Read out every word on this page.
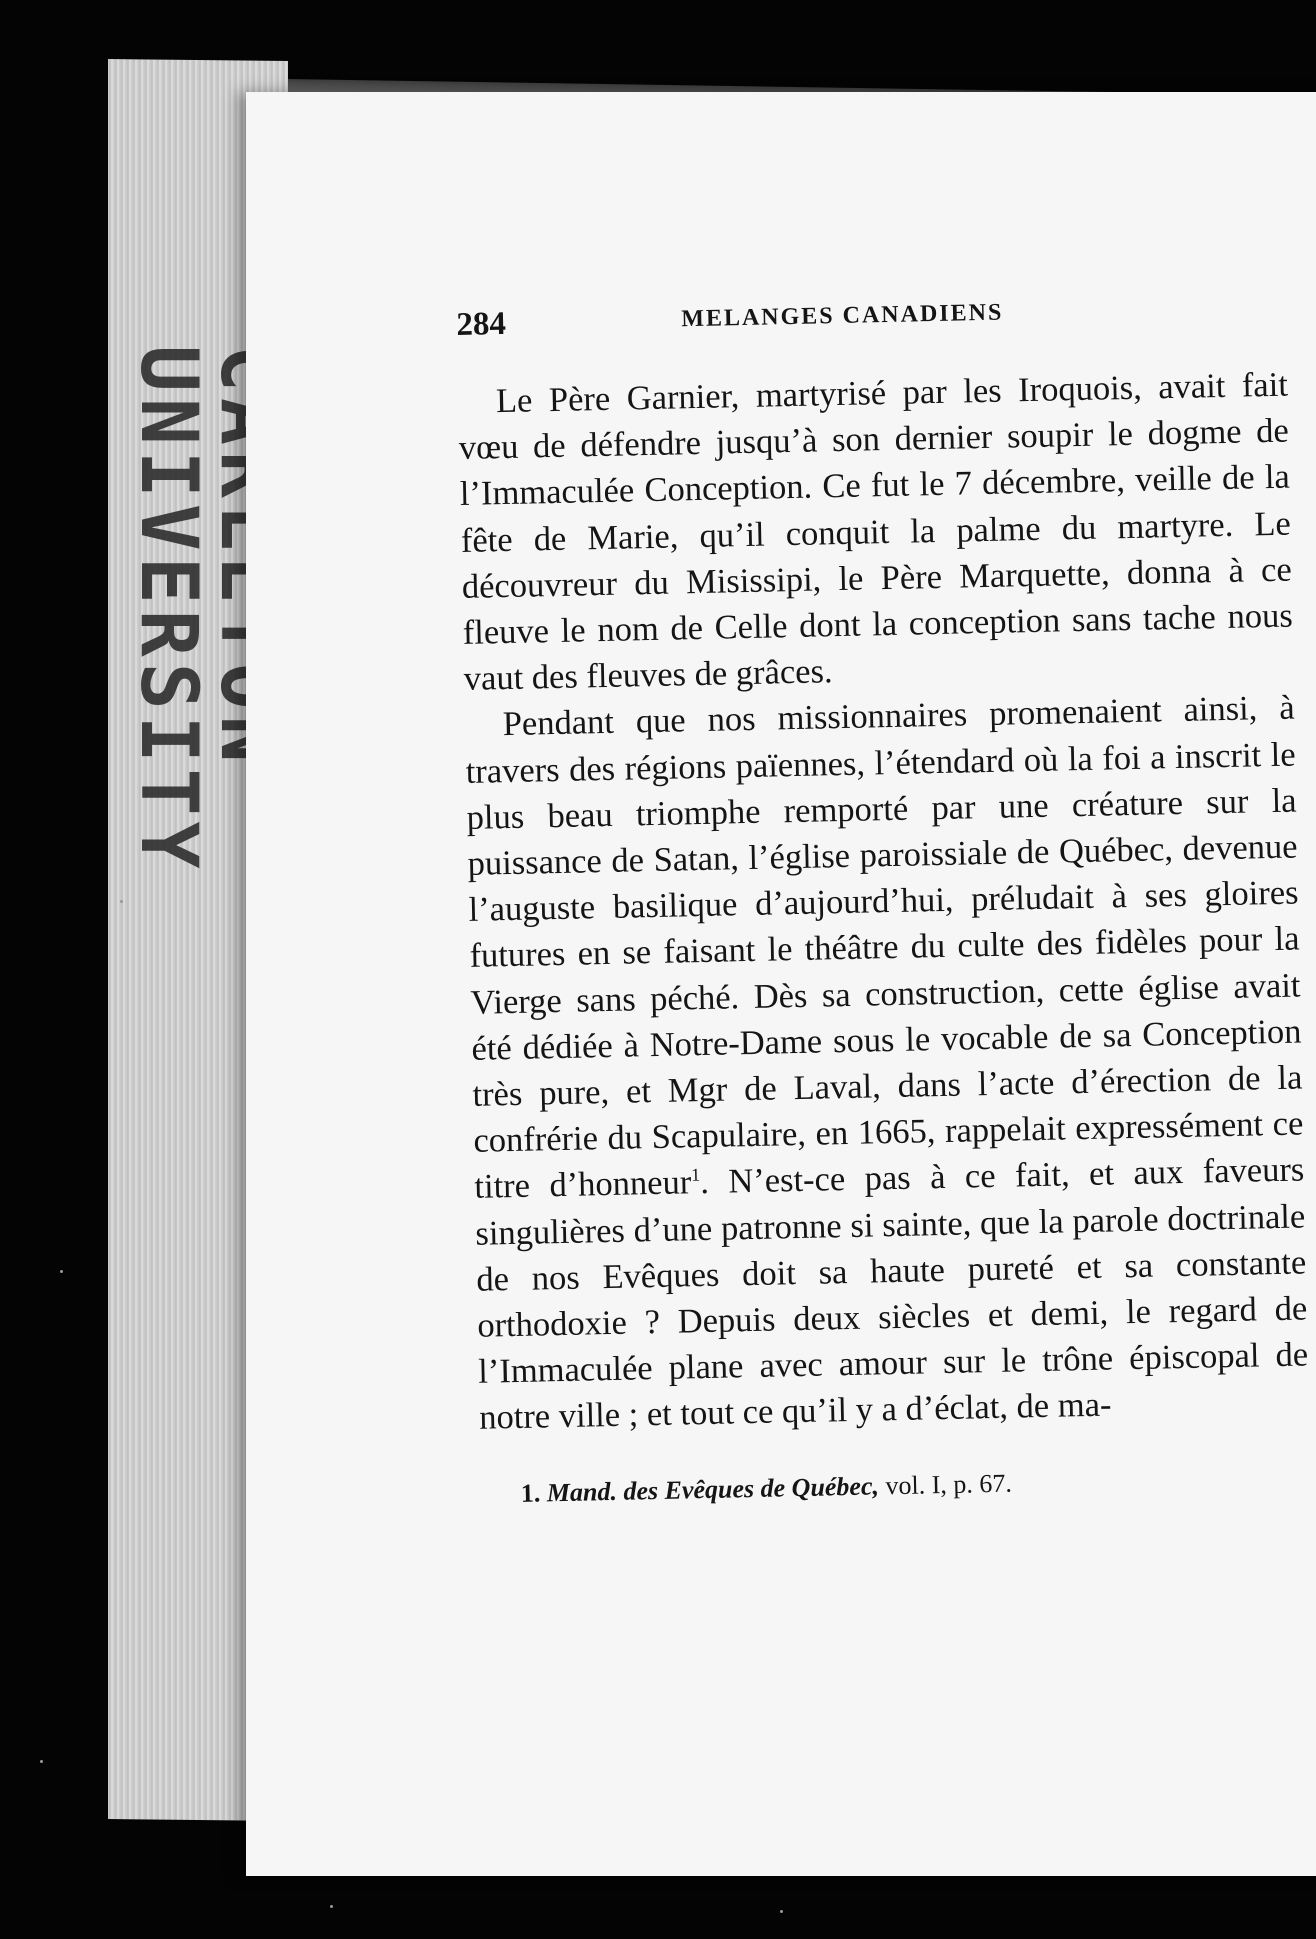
UNIVERSITY
284	MELANGES CANADIENS

Le Père Garnier, martyrisé par les Iroquois, avait fait vœu de défendre jusqu’à son dernier soupir le dogme de l’Immaculée Conception. Ce fut le 7 décembre, veille de la fête de Marie, qu’il conquit la palme du martyre. Le découvreur du Misissipi, le Père Marquette, donna à ce fleuve le nom de Celle dont la conception sans tache nous vaut des fleuves de grâces.

Pendant que nos missionnaires promenaient ainsi, à travers des régions païennes, l’étendard où la foi a inscrit le plus beau triomphe remporté par une créature sur la puissance de Satan, l’église paroissiale de Québec, devenue l’auguste basilique d’aujourd’hui, préludait à ses gloires futures en se faisant le théâtre du culte des fidèles pour la Vierge sans péché. Dès sa construction, cette église avait été dédiée à Notre-Dame sous le vocable de sa Conception très pure, et Mgr de Laval, dans l’acte d’érection de la confrérie du Scapulaire, en 1665, rappelait expressément ce titre d’honneur$^1$. N’est-ce pas à ce fait, et aux faveurs singulières d’une patronne si sainte, que la parole doctrinale de nos Evêques doit sa haute pureté et sa constante orthodoxie ? Depuis deux siècles et demi, le regard de l’Immaculée plane avec amour sur le trône épiscopal de notre ville ; et tout ce qu’il y a d’éclat, de ma-

1. Mand. des Evêques de Québec, vol. I, p. 67.
